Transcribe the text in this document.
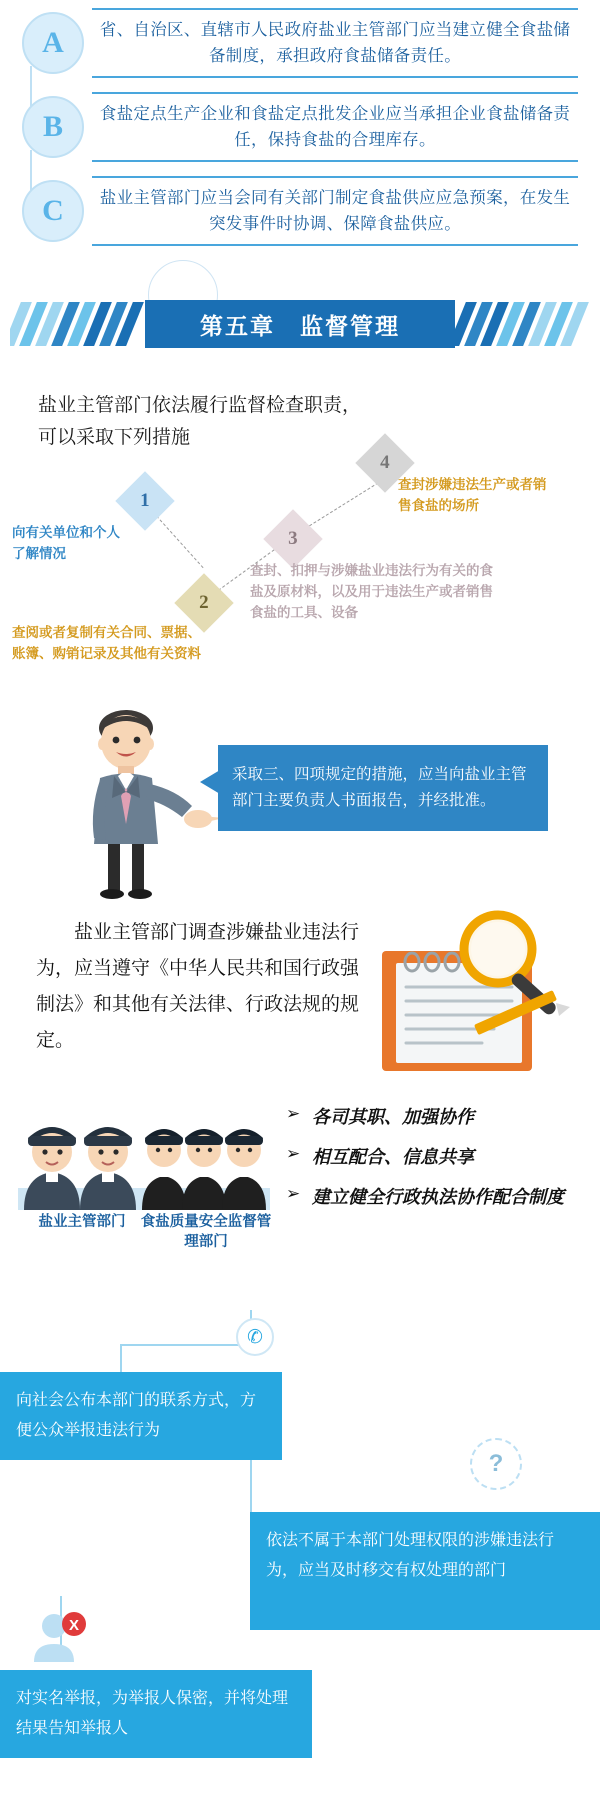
A	省、自治区、直辖市人民政府盐业主管部门应当建立健全食盐储备制度，承担政府食盐储备责任。
B	食盐定点生产企业和食盐定点批发企业应当承担企业食盐储备责任，保持食盐的合理库存。
C	盐业主管部门应当会同有关部门制定食盐供应应急预案，在发生突发事件时协调、保障食盐供应。
第五章　监督管理
盐业主管部门依法履行监督检查职责，可以采取下列措施
1
向有关单位和个人了解情况
2
查阅或者复制有关合同、票据、账簿、购销记录及其他有关资料
3
查封、扣押与涉嫌盐业违法行为有关的食盐及原材料，以及用于违法生产或者销售食盐的工具、设备
4
查封涉嫌违法生产或者销售食盐的场所
采取三、四项规定的措施，应当向盐业主管部门主要负责人书面报告，并经批准。
　　盐业主管部门调查涉嫌盐业违法行为，应当遵守《中华人民共和国行政强制法》和其他有关法律、行政法规的规定。
盐业主管部门	食盐质量安全监督管理部门
➢ 各司其职、加强协作
➢ 相互配合、信息共享
➢ 建立健全行政执法协作配合制度
✆
向社会公布本部门的联系方式，方便公众举报违法行为
?
依法不属于本部门处理权限的涉嫌违法行为，应当及时移交有权处理的部门
X
对实名举报，为举报人保密，并将处理结果告知举报人
